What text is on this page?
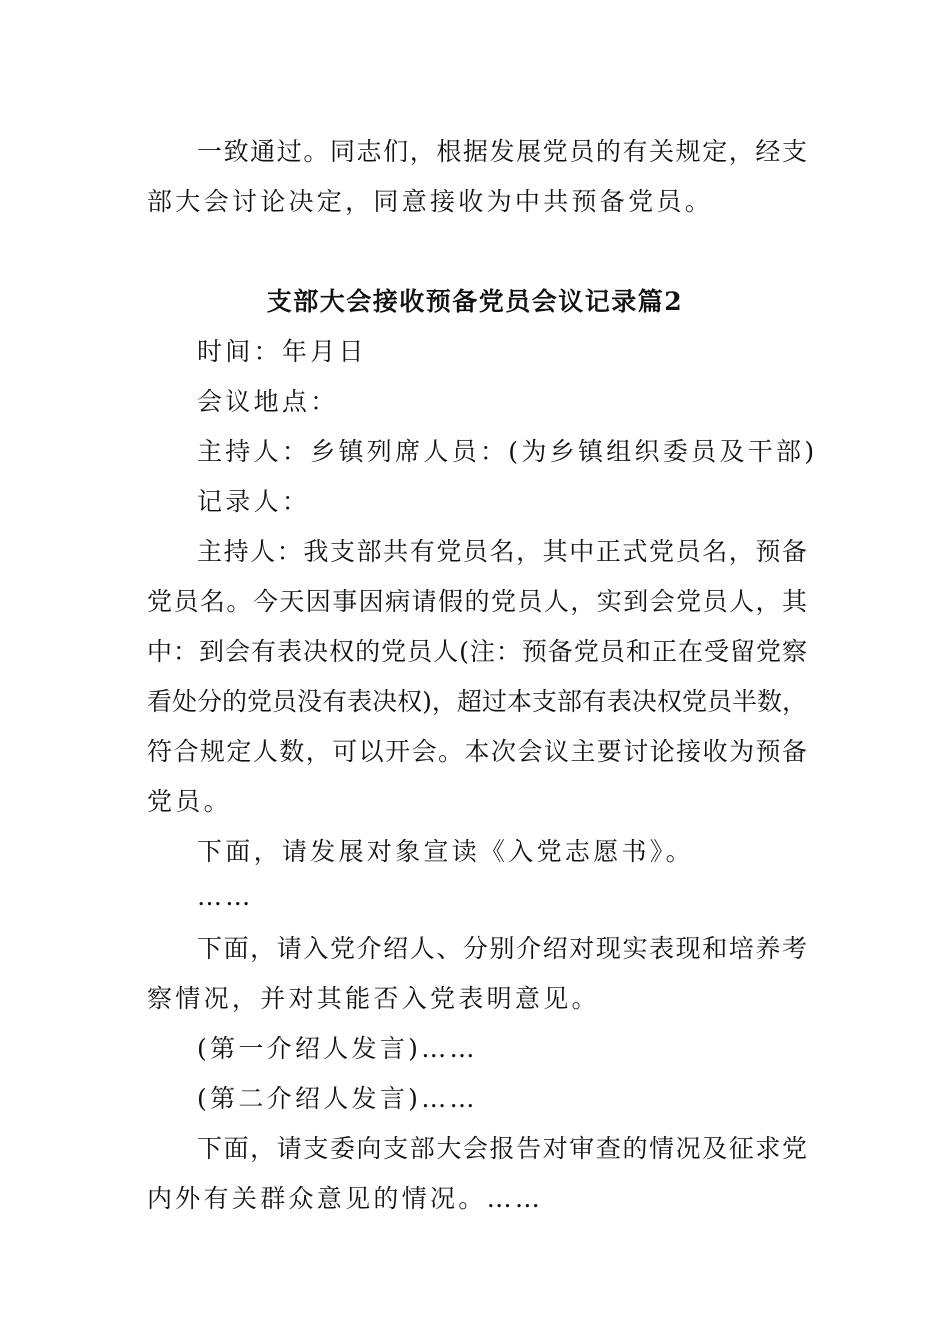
一致通过。同志们，根据发展党员的有关规定，经支
部大会讨论决定，同意接收为中共预备党员。
支部大会接收预备党员会议记录篇2
时间：年月日
会议地点：
主持人：乡镇列席人员：(为乡镇组织委员及干部)
记录人：
主持人：我支部共有党员名，其中正式党员名，预备
党员名。今天因事因病请假的党员人，实到会党员人，其
中：到会有表决权的党员人(注：预备党员和正在受留党察
看处分的党员没有表决权)，超过本支部有表决权党员半数，
符合规定人数，可以开会。本次会议主要讨论接收为预备
党员。
下面，请发展对象宣读《入党志愿书》。
……
下面，请入党介绍人、分别介绍对现实表现和培养考
察情况，并对其能否入党表明意见。
(第一介绍人发言)……
(第二介绍人发言)……
下面，请支委向支部大会报告对审查的情况及征求党
内外有关群众意见的情况。……
